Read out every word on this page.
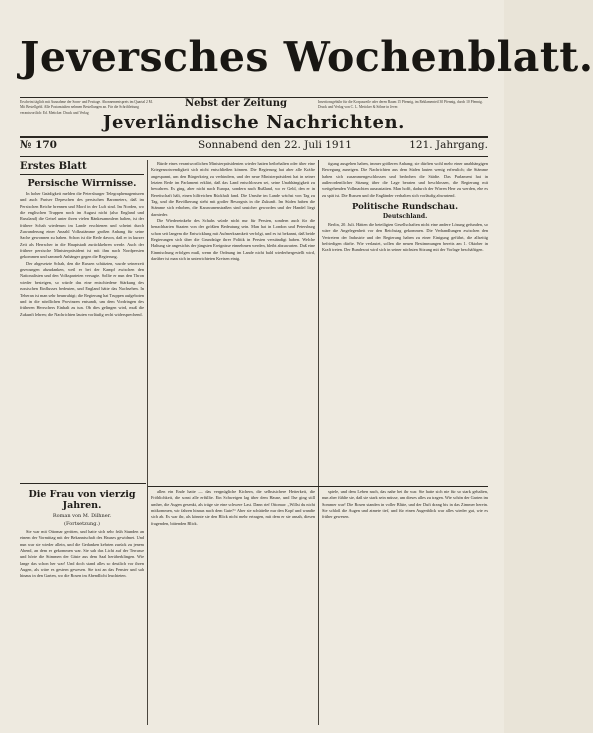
Jeversches Wochenblatt.
Erscheint täglich mit Ausnahme der Sonn- und Festtage. Abonnementspreis im Quartal 2 M. Mit Bestellgeld. Alle Postanstalten nehmen Bestellungen an. Für die Schriftleitung verantwortlich: Ed. Mettcker. Druck und Verlag
Nebst der Zeitung	Insertionsgebühr für die Korpuszeile oder deren Raum 15 Pfennig, im Reklamenteil 30 Pfennig, durch 10 Pfennig. Druck und Verlag von C. L. Mettcker & Söhne in Jever.
Jeverländische Nachrichten.
№ 170	Sonnabend den 22. Juli 1911	121. Jahrgang.
Erstes Blatt
Persische Wirrnisse.

In hoher Gnädigkeit melden die Petersburger Telegraphenagenturen und auch Pariser Depeschen des persischen Barometers, daß im Persischen Reiche brennen und Mord in der Luft sind. Im Norden, wo die englischen Truppen noch im August nicht (also England und Russland) die Geisel unter ihren vielen Ränkesammlern halten, ist der frühere Schah wiederum im Lande erschienen und scheint durch Zuwanderung einer Anzahl Volksstämme großen Anhang für seine Sache gewonnen zu haben. Schon ist die Rede davon, daß er in kurzer Zeit als Herrscher in die Hauptstadt zurückkehren werde. Auch der frühere persische Ministerpräsident ist mit ihm nach Nordpersien gekommen und sammelt Anhänger gegen die Regierung.

Der abgesetzte Schah, den die Russen schützten, wurde seinerzeit gezwungen abzudanken, weil er bei der Kampf zwischen den Nationalisten und den Volksparteien versagte. Sollte er nun den Thron wieder besteigen, so würde das eine entschiedene Stärkung des russischen Einflusses bedeuten, und England hätte das Nachsehen. In Teheran ist man sehr beunruhigt; die Regierung hat Truppen aufgeboten und in die nördlichen Provinzen entsandt, um dem Vordringen des früheren Herrschers Einhalt zu tun. Ob dies gelingen wird, muß die Zukunft lehren; die Nachrichten lauten vorläufig recht widersprechend.

Die Frau von vierzig Jahren.
Roman von M. Dilhner.
(Fortsetzung.)

Sie war mit Ottomar geritten, und hatte sich sehr früh Stunden an einem der Vormittag mit der Bekanntschaft des Hauses gewidmet. Und nun war sie wieder allein, und die Gedanken kehrten zurück zu jenem Abend, an dem er gekommen war. Sie sah das Licht auf der Terrasse und hörte die Stimmen der Gäste aus dem Saal herüberklingen. Wie lange das schon her war! Und doch stand alles so deutlich vor ihren Augen, als wäre es gestern gewesen. Sie trat an das Fenster und sah hinaus in den Garten, wo die Rosen im Abendlicht leuchteten.

Bürde eines verantwortlichen Ministerpräsidenten wieder hatten beibehalten oder über eine Kriegesnotwendigkeit sich nicht entschließen können. Die Regierung hat aber alle Kräfte angespannt, um den Bürgerkrieg zu verhindern, und der neue Ministerpräsident hat in seiner letzten Rede im Parlament erklärt, daß das Land entschlossen sei, seine Unabhängigkeit zu bewahren. Es ging, aber nicht nach Europa, sondern nach Rußland, wo er Geld, den er in Bereitschaft hält, einen hilfreichen Rückhalt fand. Die Unruhe im Lande wächst von Tag zu Tag, und die Bevölkerung sieht mit großer Besorgnis in die Zukunft. Im Süden haben die Stämme sich erhoben, die Karawanenstraßen sind unsicher geworden und der Handel liegt darnieder.

Die Wiedereinkehr des Schahs würde nicht nur für Persien, sondern auch für die benachbarten Staaten von der größten Bedeutung sein. Man hat in London und Petersburg schon seit langem die Entwicklung mit Aufmerksamkeit verfolgt, und es ist bekannt, daß beide Regierungen sich über die Grundzüge ihrer Politik in Persien verständigt haben. Welche Haltung sie angesichts der jüngsten Ereignisse einnehmen werden, bleibt abzuwarten. Daß eine Einmischung erfolgen muß, wenn die Ordnung im Lande nicht bald wiederhergestellt wird, darüber ist man sich in unterrichteten Kreisen einig.

allen ein Ende hatte — das vergnügliche Kichern, die selbstsichere Heiterkeit, die Fröhlichkeit, die sonst alle erfüllte. Ein Schweigen lag über dem Hause, und Ilse ging still umher, die Augen gesenkt, als trüge sie eine schwere Last. Dann rief Ottomar: „Willst du nicht mitkommen, wir fahren hinaus nach dem Gute?“ Aber sie schüttelte nur den Kopf und wandte sich ab. Es war ihr, als könnte sie den Blick nicht mehr ertragen, mit dem er sie ansah, diesen fragenden, bittenden Blick.

tigung ausgehen haben, immer größeren Anhang; sie dürften wohl mehr einer unabhängigen Bewegung zuneigen. Die Nachrichten aus dem Süden lauten wenig erfreulich; die Stämme haben sich zusammengeschlossen und bedrohen die Städte. Das Parlament hat in außerordentlicher Sitzung über die Lage beraten und beschlossen, die Regierung mit weitgehenden Vollmachten auszustatten. Man hofft, dadurch der Wirren Herr zu werden, ehe es zu spät ist. Die Russen und die Engländer verhalten sich vorläufig abwartend.

Politische Rundschau.
Deutschland.

Berlin, 20. Juli. Hätten die beteiligten Gesellschaften nicht eine andere Lösung gefunden, so wäre die Angelegenheit vor den Reichstag gekommen. Die Verhandlungen zwischen den Vertretern der Industrie und der Regierung haben zu einer Einigung geführt, die allseitig befriedigen dürfte. Wie verlautet, sollen die neuen Bestimmungen bereits am 1. Oktober in Kraft treten. Der Bundesrat wird sich in seiner nächsten Sitzung mit der Vorlage beschäftigen.

spiele, und dem Leben nach, das nahe bei ihr war. Sie hatte sich nie für so stark gehalten, nun aber fühlte sie, daß sie stark sein müsse, um dieses alles zu tragen. Wie schön der Garten im Sommer war! Die Rosen standen in voller Blüte, und der Duft drang bis in das Zimmer herein. Sie schloß die Augen und atmete tief, und für einen Augenblick war alles wieder gut, wie es früher gewesen.
